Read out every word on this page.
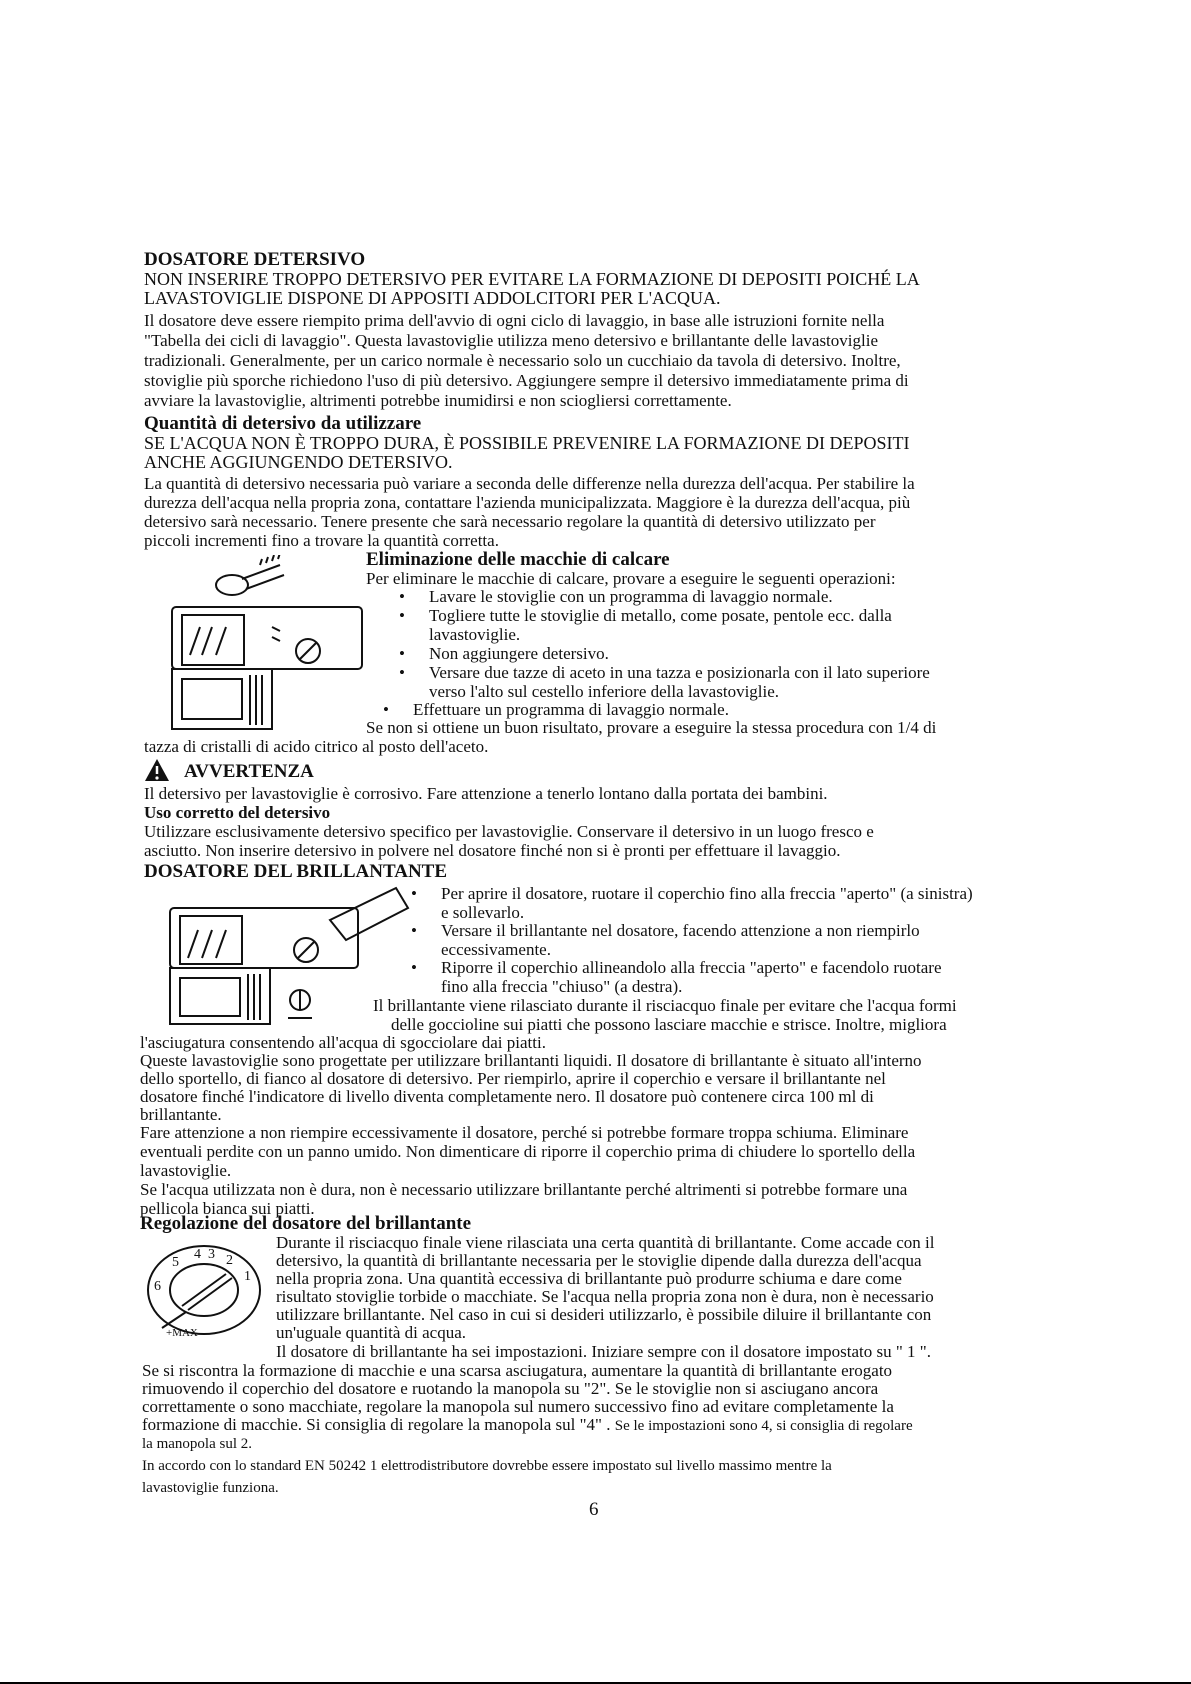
DOSATORE DETERSIVO

NON INSERIRE TROPPO DETERSIVO PER EVITARE LA FORMAZIONE DI DEPOSITI POICHÉ LA

LAVASTOVIGLIE DISPONE DI APPOSITI ADDOLCITORI PER L'ACQUA.

Il dosatore deve essere riempito prima dell'avvio di ogni ciclo di lavaggio, in base alle istruzioni fornite nella

"Tabella dei cicli di lavaggio". Questa lavastoviglie utilizza meno detersivo e brillantante delle lavastoviglie

tradizionali. Generalmente, per un carico normale è necessario solo un cucchiaio da tavola di detersivo. Inoltre,

stoviglie più sporche richiedono l'uso di più detersivo. Aggiungere sempre il detersivo immediatamente prima di

avviare la lavastoviglie, altrimenti potrebbe inumidirsi e non sciogliersi correttamente.

Quantità di detersivo da utilizzare

SE L'ACQUA NON È TROPPO DURA, È POSSIBILE PREVENIRE LA FORMAZIONE DI DEPOSITI

ANCHE AGGIUNGENDO DETERSIVO.

La quantità di detersivo necessaria può variare a seconda delle differenze nella durezza dell'acqua. Per stabilire la

durezza dell'acqua nella propria zona, contattare l'azienda municipalizzata. Maggiore è la durezza dell'acqua, più

detersivo sarà necessario. Tenere presente che sarà necessario regolare la quantità di detersivo utilizzato per

piccoli incrementi fino a trovare la quantità corretta.

Eliminazione delle macchie di calcare

Per eliminare le macchie di calcare, provare a eseguire le seguenti operazioni:

• Lavare le stoviglie con un programma di lavaggio normale.

• Togliere tutte le stoviglie di metallo, come posate, pentole ecc. dalla

lavastoviglie.

• Non aggiungere detersivo.

• Versare due tazze di aceto in una tazza e posizionarla con il lato superiore

verso l'alto sul cestello inferiore della lavastoviglie.

• Effettuare un programma di lavaggio normale.

Se non si ottiene un buon risultato, provare a eseguire la stessa procedura con 1/4 di

tazza di cristalli di acido citrico al posto dell'aceto.

AVVERTENZA

Il detersivo per lavastoviglie è corrosivo. Fare attenzione a tenerlo lontano dalla portata dei bambini.

Uso corretto del detersivo

Utilizzare esclusivamente detersivo specifico per lavastoviglie. Conservare il detersivo in un luogo fresco e

asciutto. Non inserire detersivo in polvere nel dosatore finché non si è pronti per effettuare il lavaggio.

DOSATORE DEL BRILLANTANTE

• Per aprire il dosatore, ruotare il coperchio fino alla freccia "aperto" (a sinistra)

e sollevarlo.

• Versare il brillantante nel dosatore, facendo attenzione a non riempirlo

eccessivamente.

• Riporre il coperchio allineandolo alla freccia "aperto" e facendolo ruotare

fino alla freccia "chiuso" (a destra).

Il brillantante viene rilasciato durante il risciacquo finale per evitare che l'acqua formi

delle goccioline sui piatti che possono lasciare macchie e strisce. Inoltre, migliora

l'asciugatura consentendo all'acqua di sgocciolare dai piatti.

Queste lavastoviglie sono progettate per utilizzare brillantanti liquidi. Il dosatore di brillantante è situato all'interno

dello sportello, di fianco al dosatore di detersivo. Per riempirlo, aprire il coperchio e versare il brillantante nel

dosatore finché l'indicatore di livello diventa completamente nero. Il dosatore può contenere circa 100 ml di

brillantante.

Fare attenzione a non riempire eccessivamente il dosatore, perché si potrebbe formare troppa schiuma. Eliminare

eventuali perdite con un panno umido. Non dimenticare di riporre il coperchio prima di chiudere lo sportello della

lavastoviglie.

Se l'acqua utilizzata non è dura, non è necessario utilizzare brillantante perché altrimenti si potrebbe formare una

pellicola bianca sui piatti.

Regolazione del dosatore del brillantante

4 3 2
1
6
5
+MAX

Durante il risciacquo finale viene rilasciata una certa quantità di brillantante. Come accade con il

detersivo, la quantità di brillantante necessaria per le stoviglie dipende dalla durezza dell'acqua

nella propria zona. Una quantità eccessiva di brillantante può produrre schiuma e dare come

risultato stoviglie torbide o macchiate. Se l'acqua nella propria zona non è dura, non è necessario

utilizzare brillantante. Nel caso in cui si desideri utilizzarlo, è possibile diluire il brillantante con

un'uguale quantità di acqua.

Il dosatore di brillantante ha sei impostazioni. Iniziare sempre con il dosatore impostato su " 1 ".

Se si riscontra la formazione di macchie e una scarsa asciugatura, aumentare la quantità di brillantante erogato

rimuovendo il coperchio del dosatore e ruotando la manopola su "2". Se le stoviglie non si asciugano ancora

correttamente o sono macchiate, regolare la manopola sul numero successivo fino ad evitare completamente la

formazione di macchie. Si consiglia di regolare la manopola sul "4" . Se le impostazioni sono 4, si consiglia di regolare

la manopola sul 2.

In accordo con lo standard EN 50242 1 elettrodistributore dovrebbe essere impostato sul livello massimo mentre la

lavastoviglie funziona.

6
